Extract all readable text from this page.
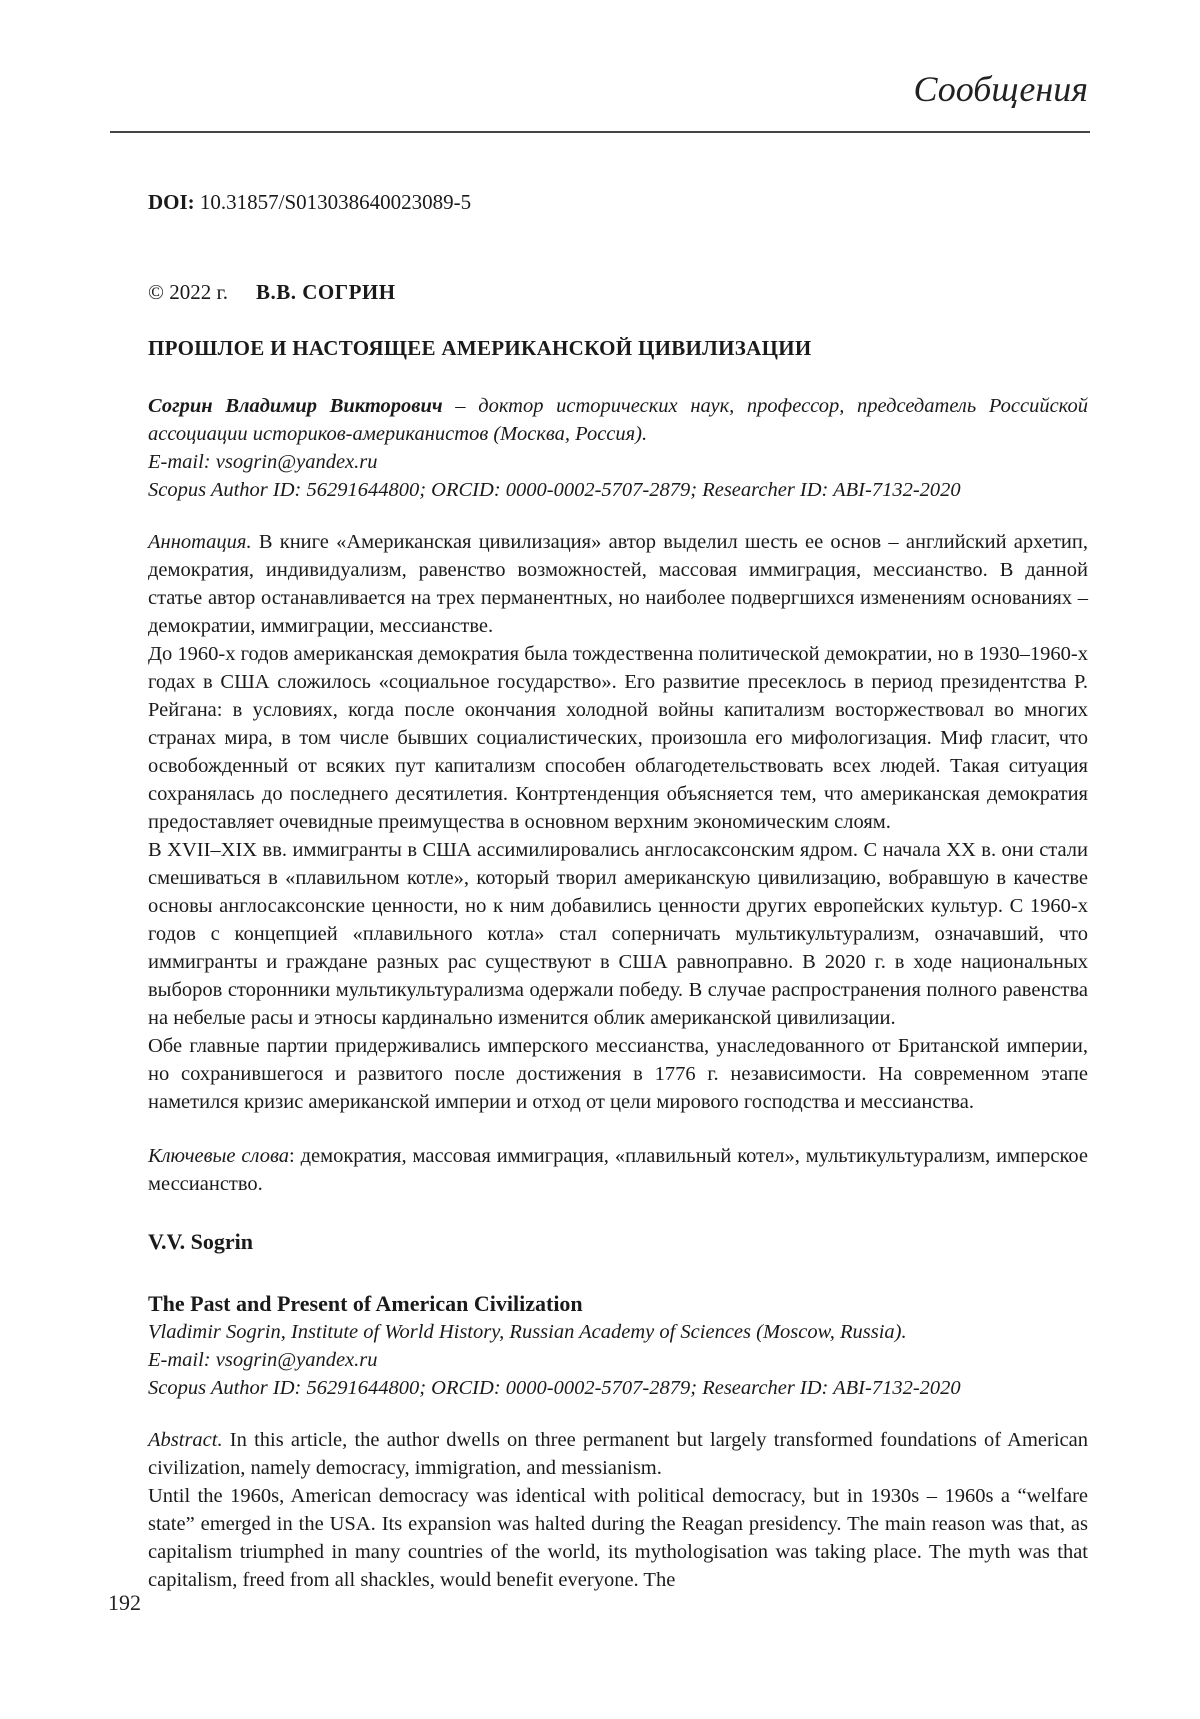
Сообщения

DOI: 10.31857/S013038640023089-5

© 2022 г. В.В. СОГРИН

ПРОШЛОЕ И НАСТОЯЩЕЕ АМЕРИКАНСКОЙ ЦИВИЛИЗАЦИИ

Согрин Владимир Викторович – доктор исторических наук, профессор, председатель Российской ассоциации историков-американистов (Москва, Россия).

E-mail: vsogrin@yandex.ru

Scopus Author ID: 56291644800; ORCID: 0000-0002-5707-2879; Researcher ID: ABI-7132-2020

Аннотация. В книге «Американская цивилизация» автор выделил шесть ее основ – английский архетип, демократия, индивидуализм, равенство возможностей, массовая иммиграция, мессианство. В данной статье автор останавливается на трех перманентных, но наиболее подвергшихся изменениям основаниях – демократии, иммиграции, мессианстве.

До 1960-х годов американская демократия была тождественна политической демократии, но в 1930–1960-х годах в США сложилось «социальное государство». Его развитие пресеклось в период президентства Р. Рейгана: в условиях, когда после окончания холодной войны капитализм восторжествовал во многих странах мира, в том числе бывших социалистических, произошла его мифологизация. Миф гласит, что освобожденный от всяких пут капитализм способен облагодетельствовать всех людей. Такая ситуация сохранялась до последнего десятилетия. Контртенденция объясняется тем, что американская демократия предоставляет очевидные преимущества в основном верхним экономическим слоям.

В XVII–XIX вв. иммигранты в США ассимилировались англосаксонским ядром. С начала XX в. они стали смешиваться в «плавильном котле», который творил американскую цивилизацию, вобравшую в качестве основы англосаксонские ценности, но к ним добавились ценности других европейских культур. С 1960-х годов с концепцией «плавильного котла» стал соперничать мультикультурализм, означавший, что иммигранты и граждане разных рас существуют в США равноправно. В 2020 г. в ходе национальных выборов сторонники мультикультурализма одержали победу. В случае распространения полного равенства на небелые расы и этносы кардинально изменится облик американской цивилизации.

Обе главные партии придерживались имперского мессианства, унаследованного от Британской империи, но сохранившегося и развитого после достижения в 1776 г. независимости. На современном этапе наметился кризис американской империи и отход от цели мирового господства и мессианства.

Ключевые слова: демократия, массовая иммиграция, «плавильный котел», мультикультурализм, имперское мессианство.

V.V. Sogrin

The Past and Present of American Civilization

Vladimir Sogrin, Institute of World History, Russian Academy of Sciences (Moscow, Russia).

E-mail: vsogrin@yandex.ru

Scopus Author ID: 56291644800; ORCID: 0000-0002-5707-2879; Researcher ID: ABI-7132-2020

Abstract. In this article, the author dwells on three permanent but largely transformed foundations of American civilization, namely democracy, immigration, and messianism.

Until the 1960s, American democracy was identical with political democracy, but in 1930s – 1960s a “welfare state” emerged in the USA. Its expansion was halted during the Reagan presidency. The main reason was that, as capitalism triumphed in many countries of the world, its mythologisation was taking place. The myth was that capitalism, freed from all shackles, would benefit everyone. The

192
